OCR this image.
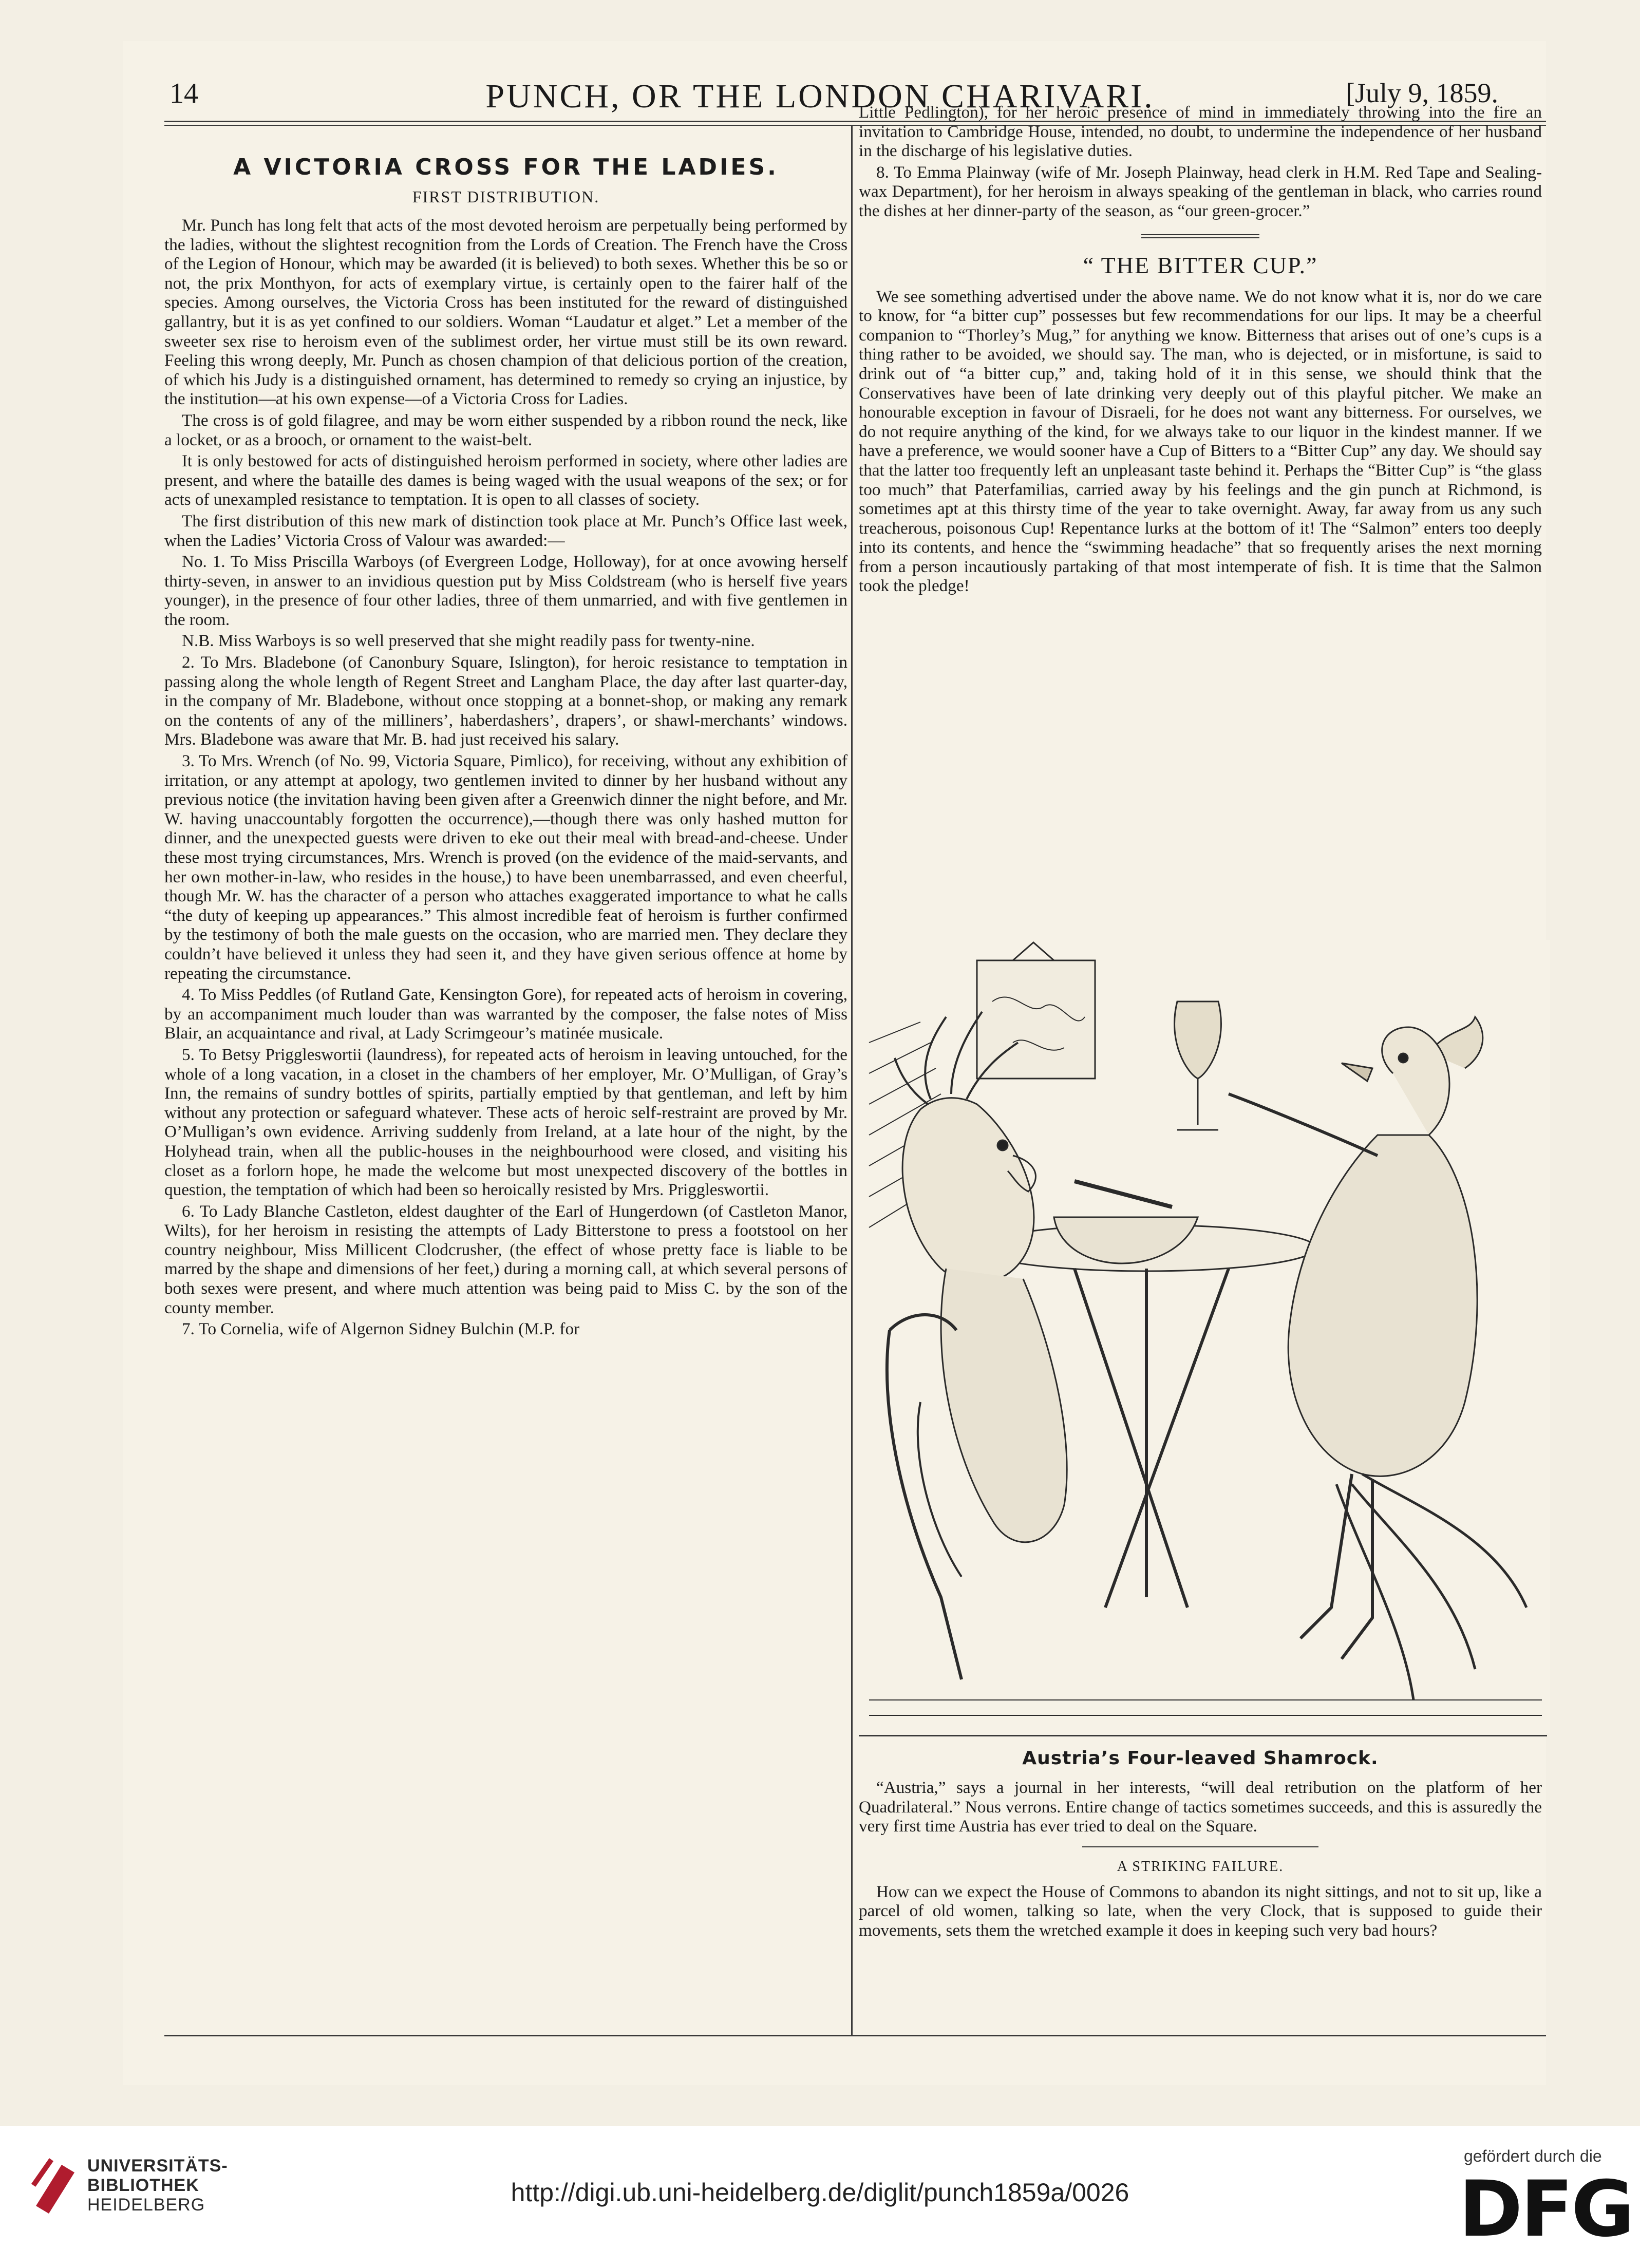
14	PUNCH, OR THE LONDON CHARIVARI.	[July 9, 1859.
A VICTORIA CROSS FOR THE LADIES.
FIRST DISTRIBUTION.

Mr. Punch has long felt that acts of the most devoted heroism are perpetually being performed by the ladies, without the slightest recognition from the Lords of Creation. The French have the Cross of the Legion of Honour, which may be awarded (it is believed) to both sexes. Whether this be so or not, the prix Monthyon, for acts of exemplary virtue, is certainly open to the fairer half of the species. Among ourselves, the Victoria Cross has been instituted for the reward of distinguished gallantry, but it is as yet confined to our soldiers. Woman “Laudatur et alget.” Let a member of the sweeter sex rise to heroism even of the sublimest order, her virtue must still be its own reward. Feeling this wrong deeply, Mr. Punch as chosen champion of that delicious portion of the creation, of which his Judy is a distinguished ornament, has determined to remedy so crying an injustice, by the institution—at his own expense—of a Victoria Cross for Ladies.

The cross is of gold filagree, and may be worn either suspended by a ribbon round the neck, like a locket, or as a brooch, or ornament to the waist-belt.

It is only bestowed for acts of distinguished heroism performed in society, where other ladies are present, and where the bataille des dames is being waged with the usual weapons of the sex; or for acts of unexampled resistance to temptation. It is open to all classes of society.

The first distribution of this new mark of distinction took place at Mr. Punch’s Office last week, when the Ladies’ Victoria Cross of Valour was awarded:—

No. 1. To Miss Priscilla Warboys (of Evergreen Lodge, Holloway), for at once avowing herself thirty-seven, in answer to an invidious question put by Miss Coldstream (who is herself five years younger), in the presence of four other ladies, three of them unmarried, and with five gentlemen in the room.

N.B. Miss Warboys is so well preserved that she might readily pass for twenty-nine.

2. To Mrs. Bladebone (of Canonbury Square, Islington), for heroic resistance to temptation in passing along the whole length of Regent Street and Langham Place, the day after last quarter-day, in the company of Mr. Bladebone, without once stopping at a bonnet-shop, or making any remark on the contents of any of the milliners’, haberdashers’, drapers’, or shawl-merchants’ windows. Mrs. Bladebone was aware that Mr. B. had just received his salary.

3. To Mrs. Wrench (of No. 99, Victoria Square, Pimlico), for receiving, without any exhibition of irritation, or any attempt at apology, two gentlemen invited to dinner by her husband without any previous notice (the invitation having been given after a Greenwich dinner the night before, and Mr. W. having unaccountably forgotten the occurrence),—though there was only hashed mutton for dinner, and the unexpected guests were driven to eke out their meal with bread-and-cheese. Under these most trying circumstances, Mrs. Wrench is proved (on the evidence of the maid-servants, and her own mother-in-law, who resides in the house,) to have been unembarrassed, and even cheerful, though Mr. W. has the character of a person who attaches exaggerated importance to what he calls “the duty of keeping up appearances.” This almost incredible feat of heroism is further confirmed by the testimony of both the male guests on the occasion, who are married men. They declare they couldn’t have believed it unless they had seen it, and they have given serious offence at home by repeating the circumstance.

4. To Miss Peddles (of Rutland Gate, Kensington Gore), for repeated acts of heroism in covering, by an accompaniment much louder than was warranted by the composer, the false notes of Miss Blair, an acquaintance and rival, at Lady Scrimgeour’s matinée musicale.

5. To Betsy Priggleswortii (laundress), for repeated acts of heroism in leaving untouched, for the whole of a long vacation, in a closet in the chambers of her employer, Mr. O’Mulligan, of Gray’s Inn, the remains of sundry bottles of spirits, partially emptied by that gentleman, and left by him without any protection or safeguard whatever. These acts of heroic self-restraint are proved by Mr. O’Mulligan’s own evidence. Arriving suddenly from Ireland, at a late hour of the night, by the Holyhead train, when all the public-houses in the neighbourhood were closed, and visiting his closet as a forlorn hope, he made the welcome but most unexpected discovery of the bottles in question, the temptation of which had been so heroically resisted by Mrs. Priggleswortii.

6. To Lady Blanche Castleton, eldest daughter of the Earl of Hungerdown (of Castleton Manor, Wilts), for her heroism in resisting the attempts of Lady Bitterstone to press a footstool on her country neighbour, Miss Millicent Clodcrusher, (the effect of whose pretty face is liable to be marred by the shape and dimensions of her feet,) during a morning call, at which several persons of both sexes were present, and where much attention was being paid to Miss C. by the son of the county member.

7. To Cornelia, wife of Algernon Sidney Bulchin (M.P. for

Little Pedlington), for her heroic presence of mind in immediately throwing into the fire an invitation to Cambridge House, intended, no doubt, to undermine the independence of her husband in the discharge of his legislative duties.

8. To Emma Plainway (wife of Mr. Joseph Plainway, head clerk in H.M. Red Tape and Sealing-wax Department), for her heroism in always speaking of the gentleman in black, who carries round the dishes at her dinner-party of the season, as “our green-grocer.”

“ THE BITTER CUP.”

We see something advertised under the above name. We do not know what it is, nor do we care to know, for “a bitter cup” possesses but few recommendations for our lips. It may be a cheerful companion to “Thorley’s Mug,” for anything we know. Bitterness that arises out of one’s cups is a thing rather to be avoided, we should say. The man, who is dejected, or in misfortune, is said to drink out of “a bitter cup,” and, taking hold of it in this sense, we should think that the Conservatives have been of late drinking very deeply out of this playful pitcher. We make an honourable exception in favour of Disraeli, for he does not want any bitterness. For ourselves, we do not require anything of the kind, for we always take to our liquor in the kindest manner. If we have a preference, we would sooner have a Cup of Bitters to a “Bitter Cup” any day. We should say that the latter too frequently left an unpleasant taste behind it. Perhaps the “Bitter Cup” is “the glass too much” that Paterfamilias, carried away by his feelings and the gin punch at Richmond, is sometimes apt at this thirsty time of the year to take overnight. Away, far away from us any such treacherous, poisonous Cup! Repentance lurks at the bottom of it! The “Salmon” enters too deeply into its contents, and hence the “swimming headache” that so frequently arises the next morning from a person incautiously partaking of that most intemperate of fish. It is time that the Salmon took the pledge!

Austria’s Four-leaved Shamrock.

“Austria,” says a journal in her interests, “will deal retribution on the platform of her Quadrilateral.” Nous verrons. Entire change of tactics sometimes succeeds, and this is assuredly the very first time Austria has ever tried to deal on the Square.

A STRIKING FAILURE.

How can we expect the House of Commons to abandon its night sittings, and not to sit up, like a parcel of old women, talking so late, when the very Clock, that is supposed to guide their movements, sets them the wretched example it does in keeping such very bad hours?

UNIVERSITÄTS-
BIBLIOTHEK
HEIDELBERG	http://digi.ub.uni-heidelberg.de/diglit/punch1859a/0026
gefördert durch die
DFG
